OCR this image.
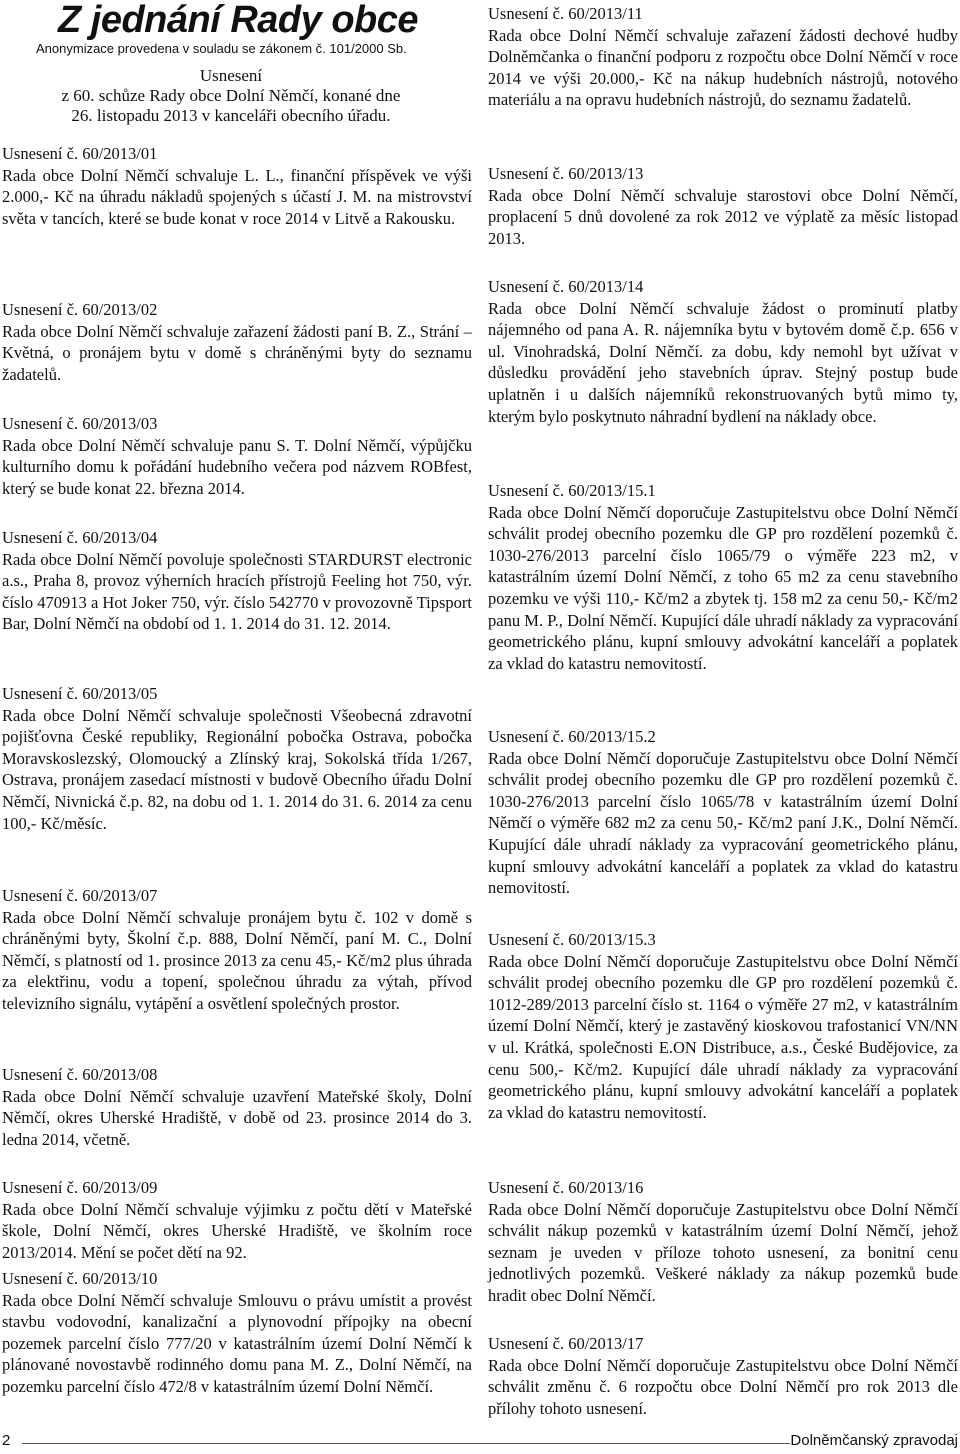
Z jednání Rady obce
Anonymizace provedena v souladu se zákonem č. 101/2000 Sb.
Usnesení
z 60. schůze Rady obce Dolní Němčí, konané dne
26. listopadu 2013 v kanceláři obecního úřadu.
Usnesení č. 60/2013/01
Rada obce Dolní Němčí schvaluje L. L., finanční příspěvek ve výši 2.000,- Kč na úhradu nákladů spojených s účastí J. M. na mistrovství světa v tancích, které se bude konat v roce 2014 v Litvě a Rakousku.
Usnesení č. 60/2013/02
Rada obce Dolní Němčí schvaluje zařazení žádosti paní B. Z., Strání – Květná, o pronájem bytu v domě s chráněnými byty do seznamu žadatelů.
Usnesení č. 60/2013/03
Rada obce Dolní Němčí schvaluje panu S. T. Dolní Němčí, výpůjčku kulturního domu k pořádání hudebního večera pod názvem ROBfest, který se bude konat 22. března 2014.
Usnesení č. 60/2013/04
Rada obce Dolní Němčí povoluje společnosti STARDURST electronic a.s., Praha 8, provoz výherních hracích přístrojů Feeling hot 750, výr. číslo 470913 a Hot Joker 750, výr. číslo 542770 v provozovně Tipsport Bar, Dolní Němčí na období od 1. 1. 2014 do 31. 12. 2014.
Usnesení č. 60/2013/05
Rada obce Dolní Němčí schvaluje společnosti Všeobecná zdravotní pojišťovna České republiky, Regionální pobočka Ostrava, pobočka Moravskoslezský, Olomoucký a Zlínský kraj, Sokolská třída 1/267, Ostrava, pronájem zasedací místnosti v budově Obecního úřadu Dolní Němčí, Nivnická č.p. 82, na dobu od 1. 1. 2014 do 31. 6. 2014 za cenu 100,- Kč/měsíc.
Usnesení č. 60/2013/07
Rada obce Dolní Němčí schvaluje pronájem bytu č. 102 v domě s chráněnými byty, Školní č.p. 888, Dolní Němčí, paní M. C., Dolní Němčí, s platností od 1. prosince 2013 za cenu 45,- Kč/m2 plus úhrada za elektřinu, vodu a topení, společnou úhradu za výtah, přívod televizního signálu, vytápění a osvětlení společných prostor.
Usnesení č. 60/2013/08
Rada obce Dolní Němčí schvaluje uzavření Mateřské školy, Dolní Němčí, okres Uherské Hradiště, v době od 23. prosince 2014 do 3. ledna 2014, včetně.
Usnesení č. 60/2013/09
Rada obce Dolní Němčí schvaluje výjimku z počtu dětí v Mateřské škole, Dolní Němčí, okres Uherské Hradiště, ve školním roce 2013/2014. Mění se počet dětí na 92.
Usnesení č. 60/2013/10
Rada obce Dolní Němčí schvaluje Smlouvu o právu umístit a provést stavbu vodovodní, kanalizační a plynovodní přípojky na obecní pozemek parcelní číslo 777/20 v katastrálním území Dolní Němčí k plánované novostavbě rodinného domu pana M. Z., Dolní Němčí, na pozemku parcelní číslo 472/8 v katastrálním území Dolní Němčí.
Usnesení č. 60/2013/11
Rada obce Dolní Němčí schvaluje zařazení žádosti dechové hudby Dolněmčanka o finanční podporu z rozpočtu obce Dolní Němčí v roce 2014 ve výši 20.000,- Kč na nákup hudebních nástrojů, notového materiálu a na opravu hudebních nástrojů, do seznamu žadatelů.
Usnesení č. 60/2013/13
Rada obce Dolní Němčí schvaluje starostovi obce Dolní Němčí, proplacení 5 dnů dovolené za rok 2012 ve výplatě za měsíc listopad 2013.
Usnesení č. 60/2013/14
Rada obce Dolní Němčí schvaluje žádost o prominutí platby nájemného od pana A. R. nájemníka bytu v bytovém domě č.p. 656 v ul. Vinohradská, Dolní Němčí. za dobu, kdy nemohl byt užívat v důsledku provádění jeho stavebních úprav. Stejný postup bude uplatněn i u dalších nájemníků rekonstruovaných bytů mimo ty, kterým bylo poskytnuto náhradní bydlení na náklady obce.
Usnesení č. 60/2013/15.1
Rada obce Dolní Němčí doporučuje Zastupitelstvu obce Dolní Němčí schválit prodej obecního pozemku dle GP pro rozdělení pozemků č. 1030-276/2013 parcelní číslo 1065/79 o výměře 223 m2, v katastrálním území Dolní Němčí, z toho 65 m2 za cenu stavebního pozemku ve výši 110,- Kč/m2 a zbytek tj. 158 m2 za cenu 50,- Kč/m2 panu M. P., Dolní Němčí. Kupující dále uhradí náklady za vypracování geometrického plánu, kupní smlouvy advokátní kanceláří a poplatek za vklad do katastru nemovitostí.
Usnesení č. 60/2013/15.2
Rada obce Dolní Němčí doporučuje Zastupitelstvu obce Dolní Němčí schválit prodej obecního pozemku dle GP pro rozdělení pozemků č. 1030-276/2013 parcelní číslo 1065/78 v katastrálním území Dolní Němčí o výměře 682 m2 za cenu 50,- Kč/m2 paní J.K., Dolní Němčí. Kupující dále uhradí náklady za vypracování geometrického plánu, kupní smlouvy advokátní kanceláří a poplatek za vklad do katastru nemovitostí.
Usnesení č. 60/2013/15.3
Rada obce Dolní Němčí doporučuje Zastupitelstvu obce Dolní Němčí schválit prodej obecního pozemku dle GP pro rozdělení pozemků č. 1012-289/2013 parcelní číslo st. 1164 o výměře 27 m2, v katastrálním území Dolní Němčí, který je zastavěný kioskovou trafostanicí VN/NN v ul. Krátká, společnosti E.ON Distribuce, a.s., České Budějovice, za cenu 500,- Kč/m2. Kupující dále uhradí náklady za vypracování geometrického plánu, kupní smlouvy advokátní kanceláří a poplatek za vklad do katastru nemovitostí.
Usnesení č. 60/2013/16
Rada obce Dolní Němčí doporučuje Zastupitelstvu obce Dolní Němčí schválit nákup pozemků v katastrálním území Dolní Němčí, jehož seznam je uveden v příloze tohoto usnesení, za bonitní cenu jednotlivých pozemků. Veškeré náklady za nákup pozemků bude hradit obec Dolní Němčí.
Usnesení č. 60/2013/17
Rada obce Dolní Němčí doporučuje Zastupitelstvu obce Dolní Němčí schválit změnu č. 6 rozpočtu obce Dolní Němčí pro rok 2013 dle přílohy tohoto usnesení.
2	Dolněmčanský zpravodaj
